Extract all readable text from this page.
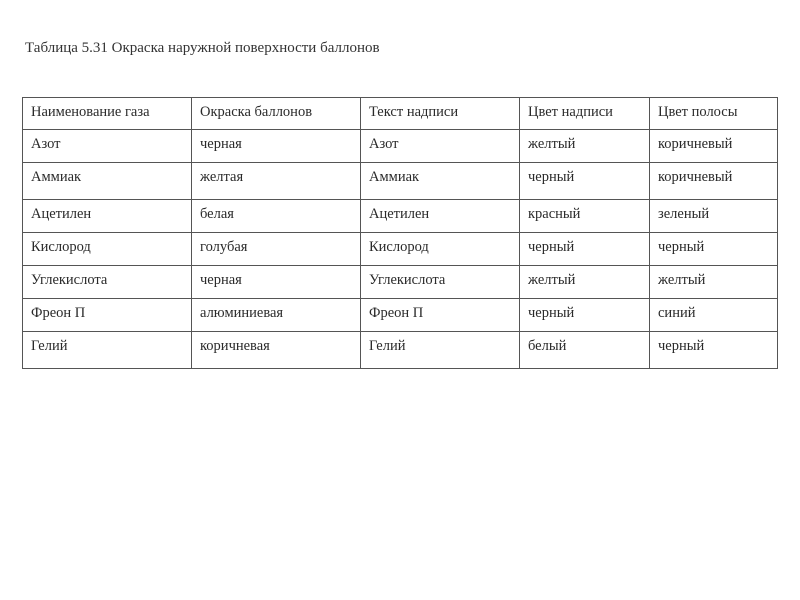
Таблица 5.31 Окраска наружной поверхности баллонов
Наименование газа	Окраска баллонов	Текст надписи	Цвет надписи	Цвет полосы
Азот	черная	Азот	желтый	коричневый
Аммиак	желтая	Аммиак	черный	коричневый
Ацетилен	белая	Ацетилен	красный	зеленый
Кислород	голубая	Кислород	черный	черный
Углекислота	черная	Углекислота	желтый	желтый
Фреон П	алюминиевая	Фреон П	черный	синий
Гелий	коричневая	Гелий	белый	черный
